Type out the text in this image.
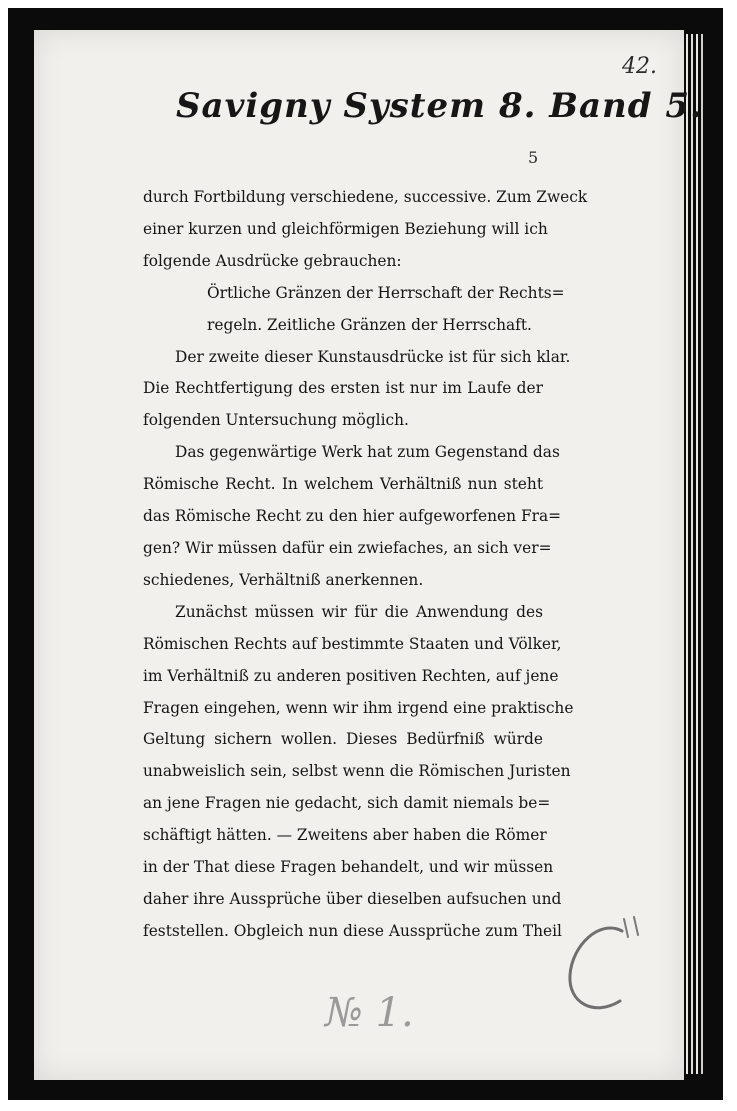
42.
Savigny System 8. Band 5.
5
durch Fortbildung verschiedene, successive. Zum Zweck
einer kurzen und gleichförmigen Beziehung will ich
folgende Ausdrücke gebrauchen:
Örtliche Gränzen der Herrschaft der Rechts=
regeln. Zeitliche Gränzen der Herrschaft.
Der zweite dieser Kunstausdrücke ist für sich klar.
Die Rechtfertigung des ersten ist nur im Laufe der
folgenden Untersuchung möglich.
Das gegenwärtige Werk hat zum Gegenstand das
Römische Recht. In welchem Verhältniß nun steht
das Römische Recht zu den hier aufgeworfenen Fra=
gen? Wir müssen dafür ein zwiefaches, an sich ver=
schiedenes, Verhältniß anerkennen.
Zunächst müssen wir für die Anwendung des
Römischen Rechts auf bestimmte Staaten und Völker,
im Verhältniß zu anderen positiven Rechten, auf jene
Fragen eingehen, wenn wir ihm irgend eine praktische
Geltung sichern wollen. Dieses Bedürfniß würde
unabweislich sein, selbst wenn die Römischen Juristen
an jene Fragen nie gedacht, sich damit niemals be=
schäftigt hätten. — Zweitens aber haben die Römer
in der That diese Fragen behandelt, und wir müssen
daher ihre Aussprüche über dieselben aufsuchen und
feststellen. Obgleich nun diese Aussprüche zum Theil
№ 1.
